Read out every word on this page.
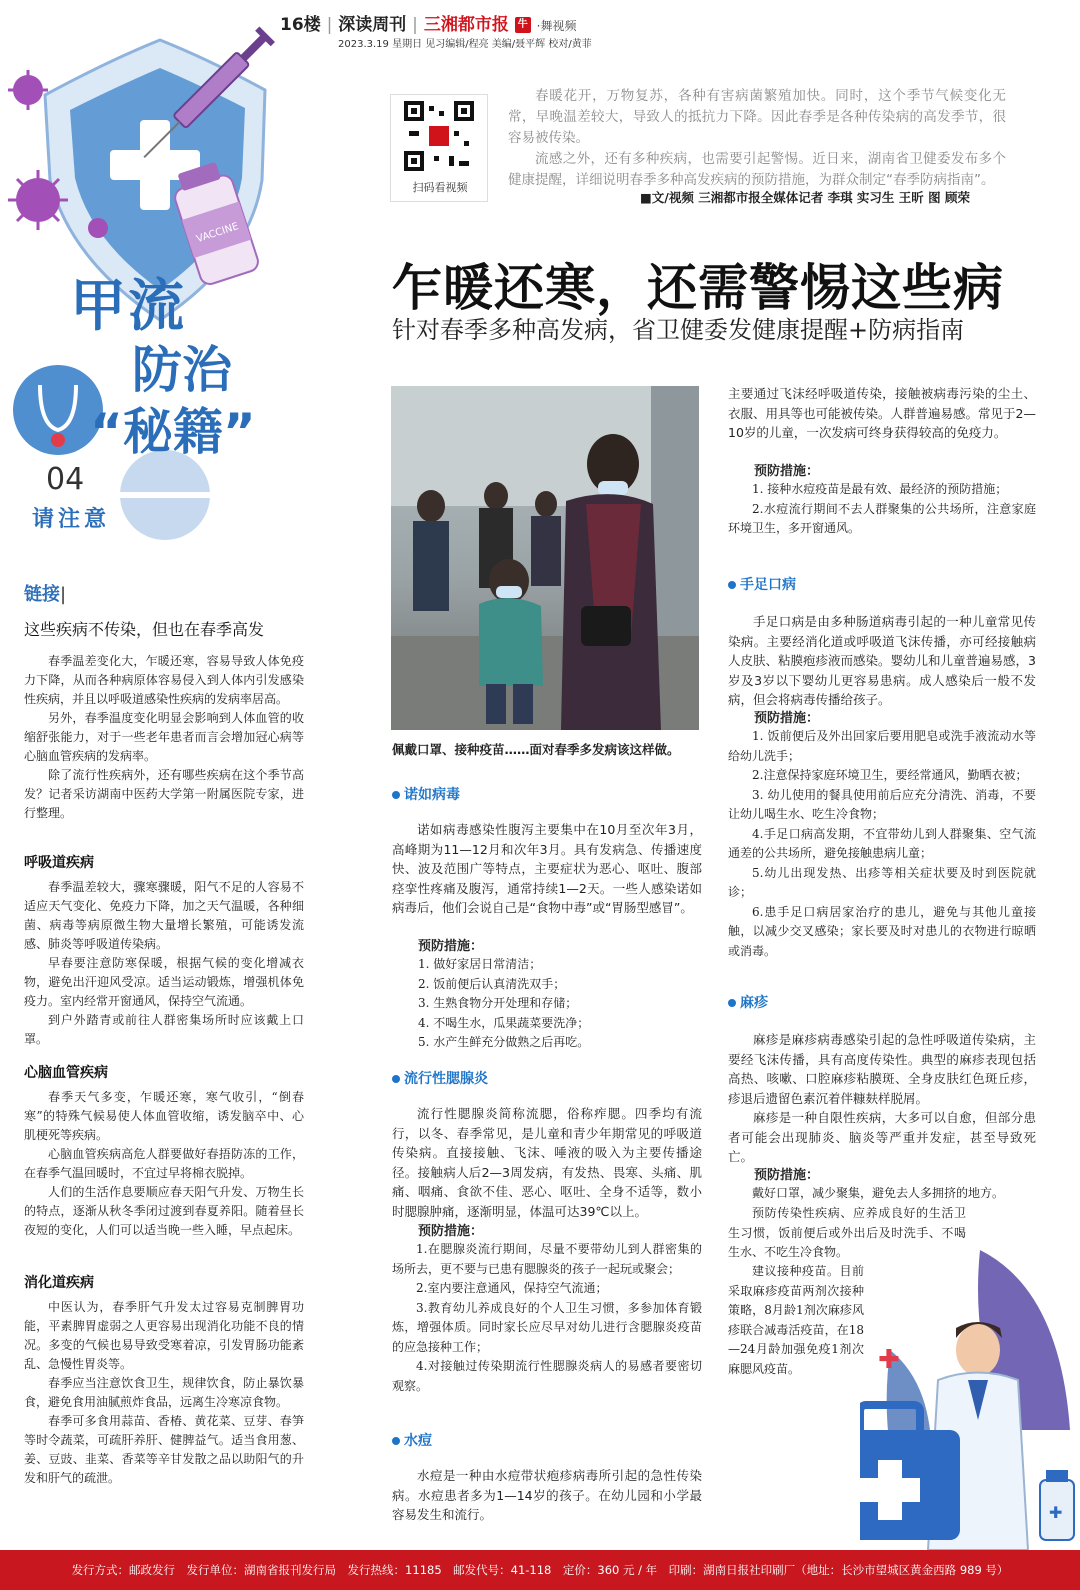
16楼 | 深读周刊 | 三湘都市报 牛 ·舞视频
2023.3.19 星期日 见习编辑/程亮 美编/聂平辉 校对/黄菲
VACCINE
甲流
防治
“秘籍”
04
请注意
扫码看视频
春暖花开，万物复苏，各种有害病菌繁殖加快。同时，这个季节气候变化无常，早晚温差较大，导致人的抵抗力下降。因此春季是各种传染病的高发季节，很容易被传染。
流感之外，还有多种疾病，也需要引起警惕。近日来，湖南省卫健委发布多个健康提醒，详细说明春季多种高发疾病的预防措施，为群众制定“春季防病指南”。
■文/视频 三湘都市报全媒体记者 李琪 实习生 王昕 图 顾荣
乍暖还寒，还需警惕这些病
针对春季多种高发病，省卫健委发健康提醒+防病指南
佩戴口罩、接种疫苗……面对春季多发病该这样做。
链接|
这些疾病不传染，但也在春季高发
春季温差变化大，乍暖还寒，容易导致人体免疫力下降，从而各种病原体容易侵入到人体内引发感染性疾病，并且以呼吸道感染性疾病的发病率居高。
另外，春季温度变化明显会影响到人体血管的收缩舒张能力，对于一些老年患者而言会增加冠心病等心脑血管疾病的发病率。
除了流行性疾病外，还有哪些疾病在这个季节高发？记者采访湖南中医药大学第一附属医院专家，进行整理。
呼吸道疾病
春季温差较大，骤寒骤暖，阳气不足的人容易不适应天气变化、免疫力下降，加之天气温暖，各种细菌、病毒等病原微生物大量增长繁殖，可能诱发流感、肺炎等呼吸道传染病。
早春要注意防寒保暖，根据气候的变化增减衣物，避免出汗迎风受凉。适当运动锻炼，增强机体免疫力。室内经常开窗通风，保持空气流通。
到户外踏青或前往人群密集场所时应该戴上口罩。
心脑血管疾病
春季天气多变，乍暖还寒，寒气收引，“倒春寒”的特殊气候易使人体血管收缩，诱发脑卒中、心肌梗死等疾病。
心脑血管疾病高危人群要做好春捂防冻的工作，在春季气温回暖时，不宜过早将棉衣脱掉。
人们的生活作息要顺应春天阳气升发、万物生长的特点，逐渐从秋冬季闭过渡到春夏养阳。随着昼长夜短的变化，人们可以适当晚一些入睡，早点起床。
消化道疾病
中医认为，春季肝气升发太过容易克制脾胃功能，平素脾胃虚弱之人更容易出现消化功能不良的情况。多变的气候也易导致受寒着凉，引发胃肠功能紊乱、急慢性胃炎等。
春季应当注意饮食卫生，规律饮食，防止暴饮暴食，避免食用油腻煎炸食品，远离生冷寒凉食物。
春季可多食用蒜苗、香椿、黄花菜、豆芽、春笋等时令蔬菜，可疏肝养肝、健脾益气。适当食用葱、姜、豆豉、韭菜、香菜等辛甘发散之品以助阳气的升发和肝气的疏泄。
诺如病毒
诺如病毒感染性腹泻主要集中在10月至次年3月，高峰期为11—12月和次年3月。具有发病急、传播速度快、波及范围广等特点，主要症状为恶心、呕吐、腹部痉挛性疼痛及腹泻，通常持续1—2天。一些人感染诺如病毒后，他们会说自己是“食物中毒”或“胃肠型感冒”。
预防措施：
1. 做好家居日常清洁；
2. 饭前便后认真清洗双手；
3. 生熟食物分开处理和存储；
4. 不喝生水，瓜果蔬菜要洗净；
5. 水产生鲜充分做熟之后再吃。
流行性腮腺炎
流行性腮腺炎简称流腮，俗称痄腮。四季均有流行，以冬、春季常见，是儿童和青少年期常见的呼吸道传染病。直接接触、飞沫、唾液的吸入为主要传播途径。接触病人后2—3周发病，有发热、畏寒、头痛、肌痛、咽痛、食欲不佳、恶心、呕吐、全身不适等，数小时腮腺肿痛，逐渐明显，体温可达39℃以上。
预防措施：
1.在腮腺炎流行期间，尽量不要带幼儿到人群密集的场所去，更不要与已患有腮腺炎的孩子一起玩或聚会；
2.室内要注意通风，保持空气流通；
3.教育幼儿养成良好的个人卫生习惯，多参加体育锻炼，增强体质。同时家长应尽早对幼儿进行含腮腺炎疫苗的应急接种工作；
4.对接触过传染期流行性腮腺炎病人的易感者要密切观察。
水痘
水痘是一种由水痘带状疱疹病毒所引起的急性传染病。水痘患者多为1—14岁的孩子。在幼儿园和小学最容易发生和流行。
主要通过飞沫经呼吸道传染，接触被病毒污染的尘土、衣服、用具等也可能被传染。人群普遍易感。常见于2—10岁的儿童，一次发病可终身获得较高的免疫力。
预防措施：
1. 接种水痘疫苗是最有效、最经济的预防措施；
2.水痘流行期间不去人群聚集的公共场所，注意家庭环境卫生，多开窗通风。
手足口病
手足口病是由多种肠道病毒引起的一种儿童常见传染病。主要经消化道或呼吸道飞沫传播，亦可经接触病人皮肤、粘膜疱疹液而感染。婴幼儿和儿童普遍易感，3岁及3岁以下婴幼儿更容易患病。成人感染后一般不发病，但会将病毒传播给孩子。
预防措施：
1. 饭前便后及外出回家后要用肥皂或洗手液流动水等给幼儿洗手；
2.注意保持家庭环境卫生，要经常通风，勤晒衣被；
3. 幼儿使用的餐具使用前后应充分清洗、消毒，不要让幼儿喝生水、吃生冷食物；
4.手足口病高发期，不宜带幼儿到人群聚集、空气流通差的公共场所，避免接触患病儿童；
5.幼儿出现发热、出疹等相关症状要及时到医院就诊；
6.患手足口病居家治疗的患儿，避免与其他儿童接触，以减少交叉感染；家长要及时对患儿的衣物进行晾晒或消毒。
麻疹
麻疹是麻疹病毒感染引起的急性呼吸道传染病，主要经飞沫传播，具有高度传染性。典型的麻疹表现包括高热、咳嗽、口腔麻疹粘膜斑、全身皮肤红色斑丘疹，疹退后遗留色素沉着伴糠麸样脱屑。
麻疹是一种自限性疾病，大多可以自愈，但部分患者可能会出现肺炎、脑炎等严重并发症，甚至导致死亡。
预防措施：
戴好口罩，减少聚集，避免去人多拥挤的地方。
预防传染性疾病、应养成良好的生活卫生习惯，饭前便后或外出后及时洗手、不喝生水、不吃生冷食物。
建议接种疫苗。目前采取麻疹疫苗两剂次接种策略，8月龄1剂次麻疹风疹联合减毒活疫苗，在18—24月龄加强免疫1剂次麻腮风疫苗。	✚
✚
发行方式：邮政发行　发行单位：湖南省报刊发行局　发行热线：11185　邮发代号：41-118　定价：360 元 / 年　印刷：湖南日报社印刷厂（地址：长沙市望城区黄金西路 989 号）
